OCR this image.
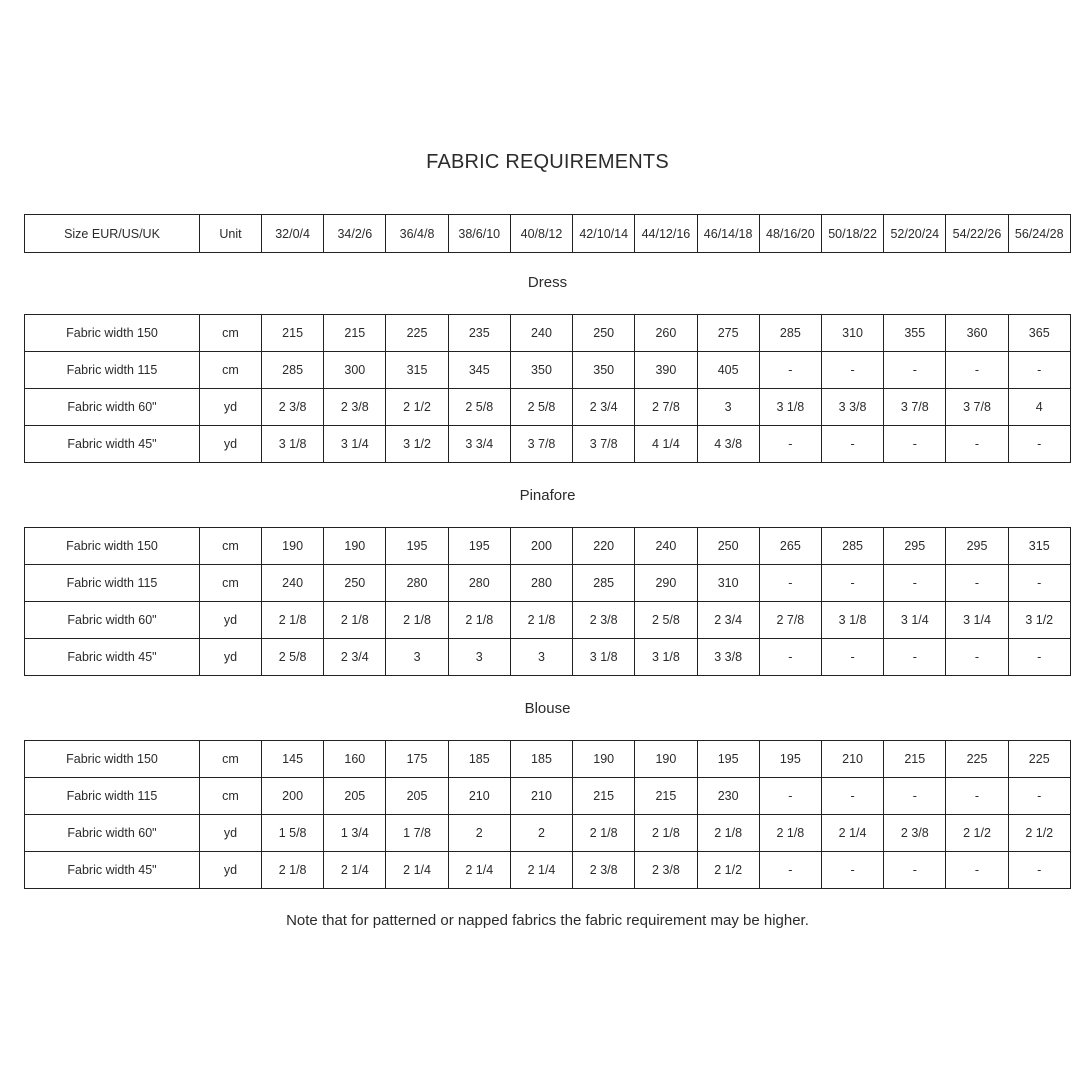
FABRIC REQUIREMENTS
Size EUR/US/UK	Unit	32/0/4	34/2/6	36/4/8	38/6/10	40/8/12	42/10/14	44/12/16	46/14/18	48/16/20	50/18/22	52/20/24	54/22/26	56/24/28
Dress
Fabric width 150	cm	215	215	225	235	240	250	260	275	285	310	355	360	365
Fabric width 115	cm	285	300	315	345	350	350	390	405	-	-	-	-	-
Fabric width 60"	yd	2 3/8	2 3/8	2 1/2	2 5/8	2 5/8	2 3/4	2 7/8	3	3 1/8	3 3/8	3 7/8	3 7/8	4
Fabric width 45"	yd	3 1/8	3 1/4	3 1/2	3 3/4	3 7/8	3 7/8	4 1/4	4 3/8	-	-	-	-	-
Pinafore
Fabric width 150	cm	190	190	195	195	200	220	240	250	265	285	295	295	315
Fabric width 115	cm	240	250	280	280	280	285	290	310	-	-	-	-	-
Fabric width 60"	yd	2 1/8	2 1/8	2 1/8	2 1/8	2 1/8	2 3/8	2 5/8	2 3/4	2 7/8	3 1/8	3 1/4	3 1/4	3 1/2
Fabric width 45"	yd	2 5/8	2 3/4	3	3	3	3 1/8	3 1/8	3 3/8	-	-	-	-	-
Blouse
Fabric width 150	cm	145	160	175	185	185	190	190	195	195	210	215	225	225
Fabric width 115	cm	200	205	205	210	210	215	215	230	-	-	-	-	-
Fabric width 60"	yd	1 5/8	1 3/4	1 7/8	2	2	2 1/8	2 1/8	2 1/8	2 1/8	2 1/4	2 3/8	2 1/2	2 1/2
Fabric width 45"	yd	2 1/8	2 1/4	2 1/4	2 1/4	2 1/4	2 3/8	2 3/8	2 1/2	-	-	-	-	-
Note that for patterned or napped fabrics the fabric requirement may be higher.
